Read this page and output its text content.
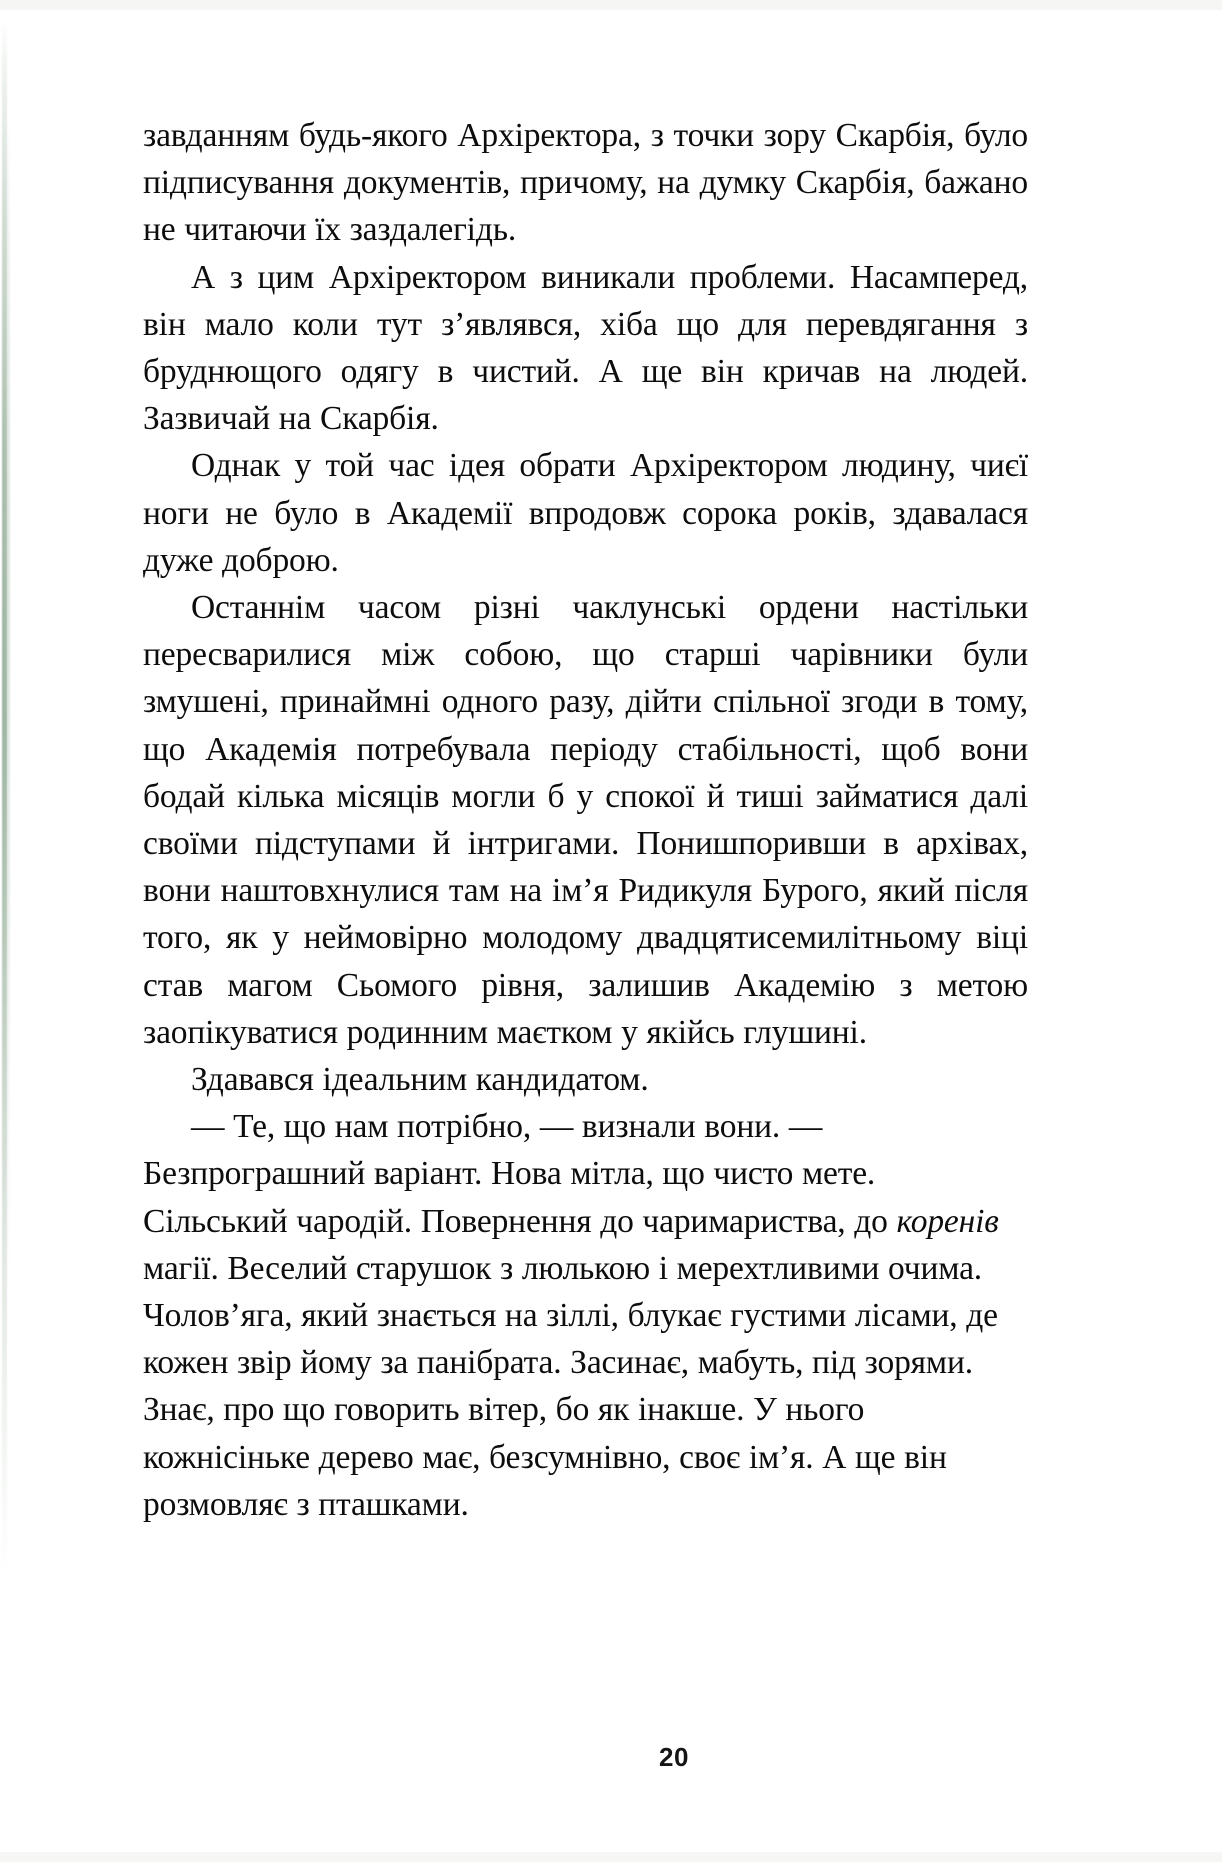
завданням будь-якого Архіректора, з точки зору Скарбія, було підписування документів, причому, на думку Скарбія, бажано не читаючи їх заздалегідь.

А з цим Архіректором виникали проблеми. Насамперед, він мало коли тут з’являвся, хіба що для перевдягання з бруднющого одягу в чистий. А ще він кричав на людей. Зазвичай на Скарбія.

Однак у той час ідея обрати Архіректором людину, чиєї ноги не було в Академії впродовж сорока років, здавалася дуже доброю.

Останнім часом різні чаклунські ордени настільки пересварилися між собою, що старші чарівники були змушені, принаймні одного разу, дійти спільної згоди в тому, що Академія потребувала періоду стабільності, щоб вони бодай кілька місяців могли б у спокої й тиші займатися далі своїми підступами й інтригами. Понишпоривши в архівах, вони наштовхнулися там на ім’я Ридикуля Бурого, який після того, як у неймовірно молодому двадцятисемилітньому віці став магом Сьомого рівня, залишив Академію з метою заопікуватися родинним маєтком у якійсь глушині.

Здавався ідеальним кандидатом.

— Те, що нам потрібно, — визнали вони. — Безпрограшний варіант. Нова мітла, що чисто мете. Сільський чародій. Повернення до чаримариства, до коренів магії. Веселий старушок з люлькою і мерехтливими очима. Чолов’яга, який знається на зіллі, блукає густими лісами, де кожен звір йому за панібрата. Засинає, мабуть, під зорями. Знає, про що говорить вітер, бо як інакше. У нього кожнісіньке дерево має, безсумнівно, своє ім’я. А ще він розмовляє з пташками.

20
